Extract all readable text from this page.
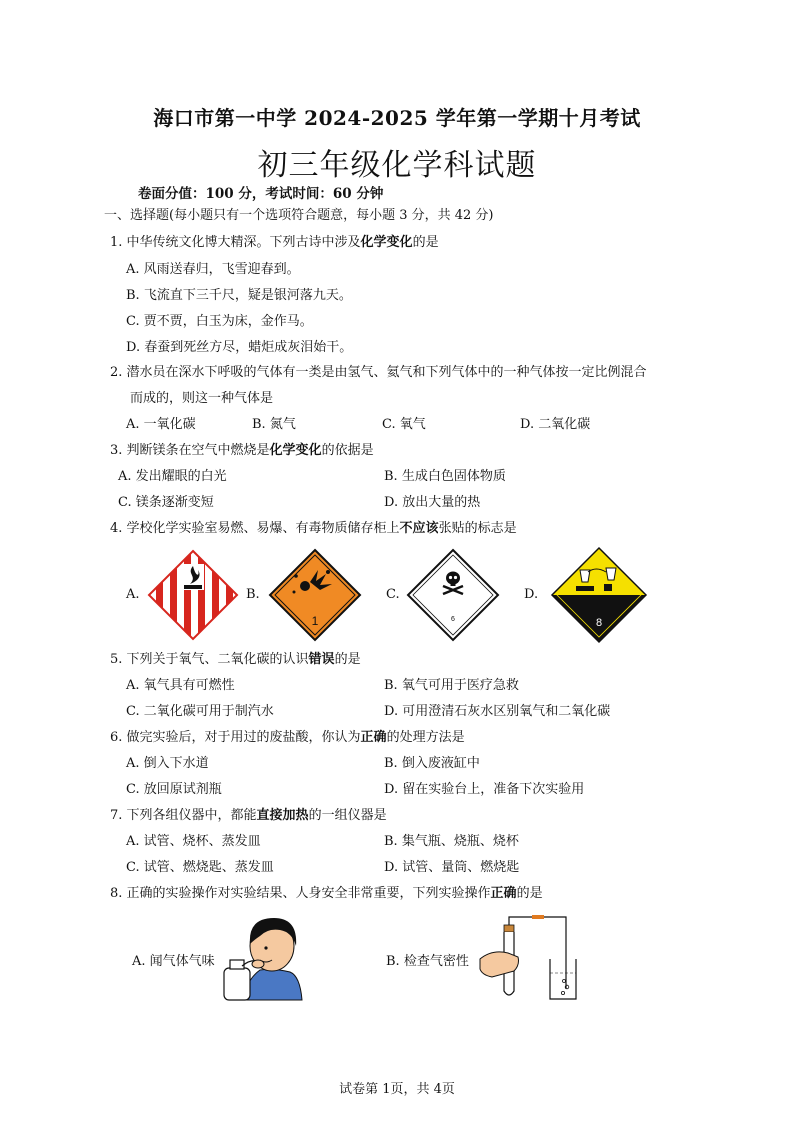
海口市第一中学 2024-2025 学年第一学期十月考试
初三年级化学科试题
卷面分值：100 分，考试时间：60 分钟
一、选择题(每小题只有一个选项符合题意，每小题 3 分，共 42 分)
1. 中华传统文化博大精深。下列古诗中涉及化学变化的是
A. 风雨送春归，飞雪迎春到。
B. 飞流直下三千尺，疑是银河落九天。
C. 贾不贾，白玉为床，金作马。
D. 春蚕到死丝方尽，蜡炬成灰泪始干。
2. 潜水员在深水下呼吸的气体有一类是由氢气、氦气和下列气体中的一种气体按一定比例混合
而成的，则这一种气体是
A. 一氧化碳	B. 氮气	C. 氧气	D. 二氧化碳
3. 判断镁条在空气中燃烧是化学变化的依据是
A. 发出耀眼的白光	B. 生成白色固体物质
C. 镁条逐渐变短	D. 放出大量的热
4. 学校化学实验室易燃、易爆、有毒物质储存柜上不应该张贴的标志是
A.	B.
1
C.
6
D.
8
5. 下列关于氧气、二氧化碳的认识错误的是
A. 氧气具有可燃性	B. 氧气可用于医疗急救
C. 二氧化碳可用于制汽水	D. 可用澄清石灰水区别氧气和二氧化碳
6. 做完实验后，对于用过的废盐酸，你认为正确的处理方法是
A. 倒入下水道	B. 倒入废液缸中
C. 放回原试剂瓶	D. 留在实验台上，准备下次实验用
7. 下列各组仪器中，都能直接加热的一组仪器是
A. 试管、烧杯、蒸发皿	B. 集气瓶、烧瓶、烧杯
C. 试管、燃烧匙、蒸发皿	D. 试管、量筒、燃烧匙
8. 正确的实验操作对实验结果、人身安全非常重要，下列实验操作正确的是
A. 闻气体气味	B. 检查气密性
试卷第 1页，共 4页
